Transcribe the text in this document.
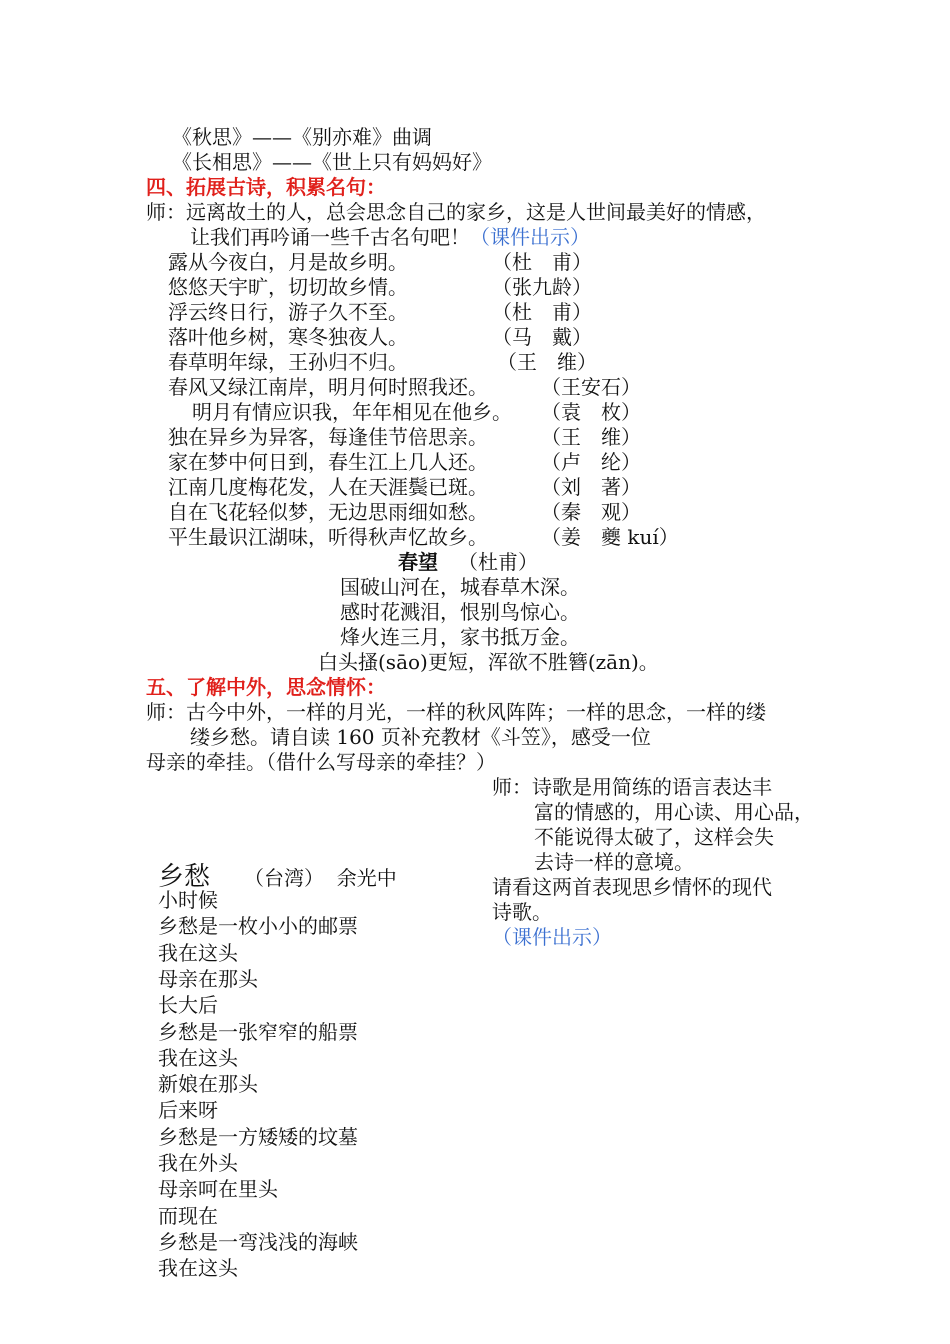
《秋思》——《别亦难》曲调
《长相思》——《世上只有妈妈好》
四、拓展古诗，积累名句：
师：远离故土的人，总会思念自己的家乡，这是人世间最美好的情感，
让我们再吟诵一些千古名句吧！（课件出示）
露从今夜白，月是故乡明。	（杜　甫）
悠悠天宇旷，切切故乡情。	（张九龄）
浮云终日行，游子久不至。	（杜　甫）
落叶他乡树，寒冬独夜人。	（马　戴）
春草明年绿，王孙归不归。	（王　维）
春风又绿江南岸，明月何时照我还。	（王安石）
明月有情应识我，年年相见在他乡。 （袁　枚）
独在异乡为异客，每逢佳节倍思亲。	（王　维）
家在梦中何日到，春生江上几人还。	（卢　纶）
江南几度梅花发，人在天涯鬓已斑。	（刘　著）
自在飞花轻似梦，无边思雨细如愁。	（秦　观）
平生最识江湖味，听得秋声忆故乡。	（姜　夔 kuí）
春望 （杜甫）
国破山河在，城春草木深。
感时花溅泪，恨别鸟惊心。
烽火连三月，家书抵万金。
白头搔(sāo)更短，浑欲不胜簪(zān)。
五、了解中外，思念情怀：
师：古今中外，一样的月光，一样的秋风阵阵；一样的思念，一样的缕
缕乡愁。请自读 160 页补充教材《斗笠》，感受一位
母亲的牵挂。（借什么写母亲的牵挂？）
师：诗歌是用简练的语言表达丰
富的情感的，用心读、用心品，
不能说得太破了，这样会失
去诗一样的意境。
请看这两首表现思乡情怀的现代
诗歌。
（课件出示）
乡愁 （台湾）  余光中
小时候
乡愁是一枚小小的邮票
我在这头
母亲在那头
长大后
乡愁是一张窄窄的船票
我在这头
新娘在那头
后来呀
乡愁是一方矮矮的坟墓
我在外头
母亲呵在里头
而现在
乡愁是一弯浅浅的海峡
我在这头
